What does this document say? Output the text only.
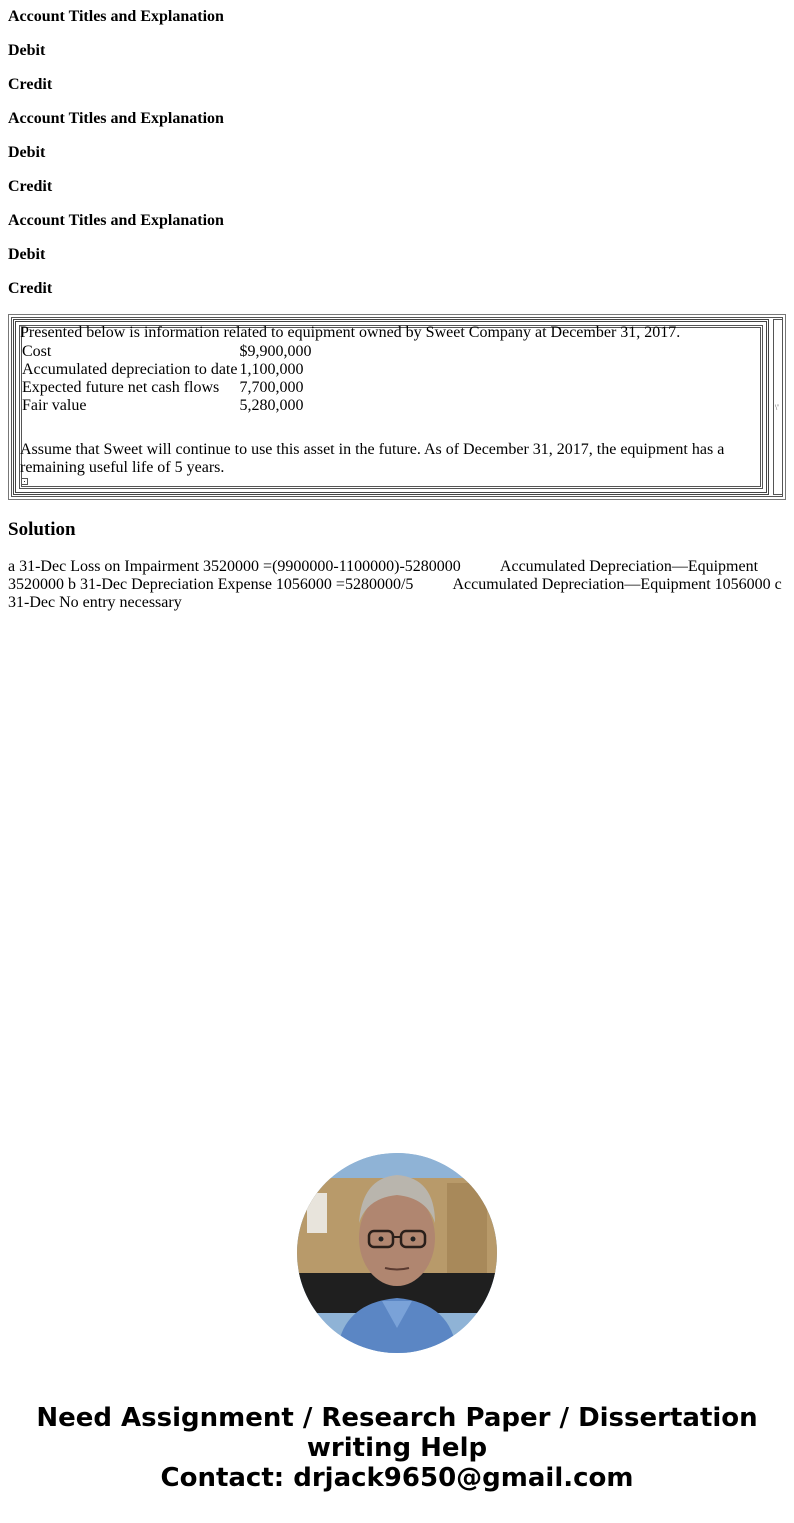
Account Titles and Explanation

Debit

Credit

Account Titles and Explanation

Debit

Credit

Account Titles and Explanation

Debit

Credit

Presented below is information related to equipment owned by Sweet Company at December 31, 2017.

Cost	$9,900,000
Accumulated depreciation to date	1,100,000
Expected future net cash flows	7,700,000
Fair value	5,280,000

Assume that Sweet will continue to use this asset in the future. As of December 31, 2017, the equipment has a remaining useful life of 5 years.

\'
Solution

a 31-Dec Loss on Impairment 3520000 =(9900000-1100000)-5280000          Accumulated Depreciation—Equipment 3520000 b 31-Dec Depreciation Expense 1056000 =5280000/5          Accumulated Depreciation—Equipment 1056000 c 31-Dec No entry necessary

Need Assignment / Research Paper / Dissertation
writing Help
Contact: drjack9650@gmail.com
